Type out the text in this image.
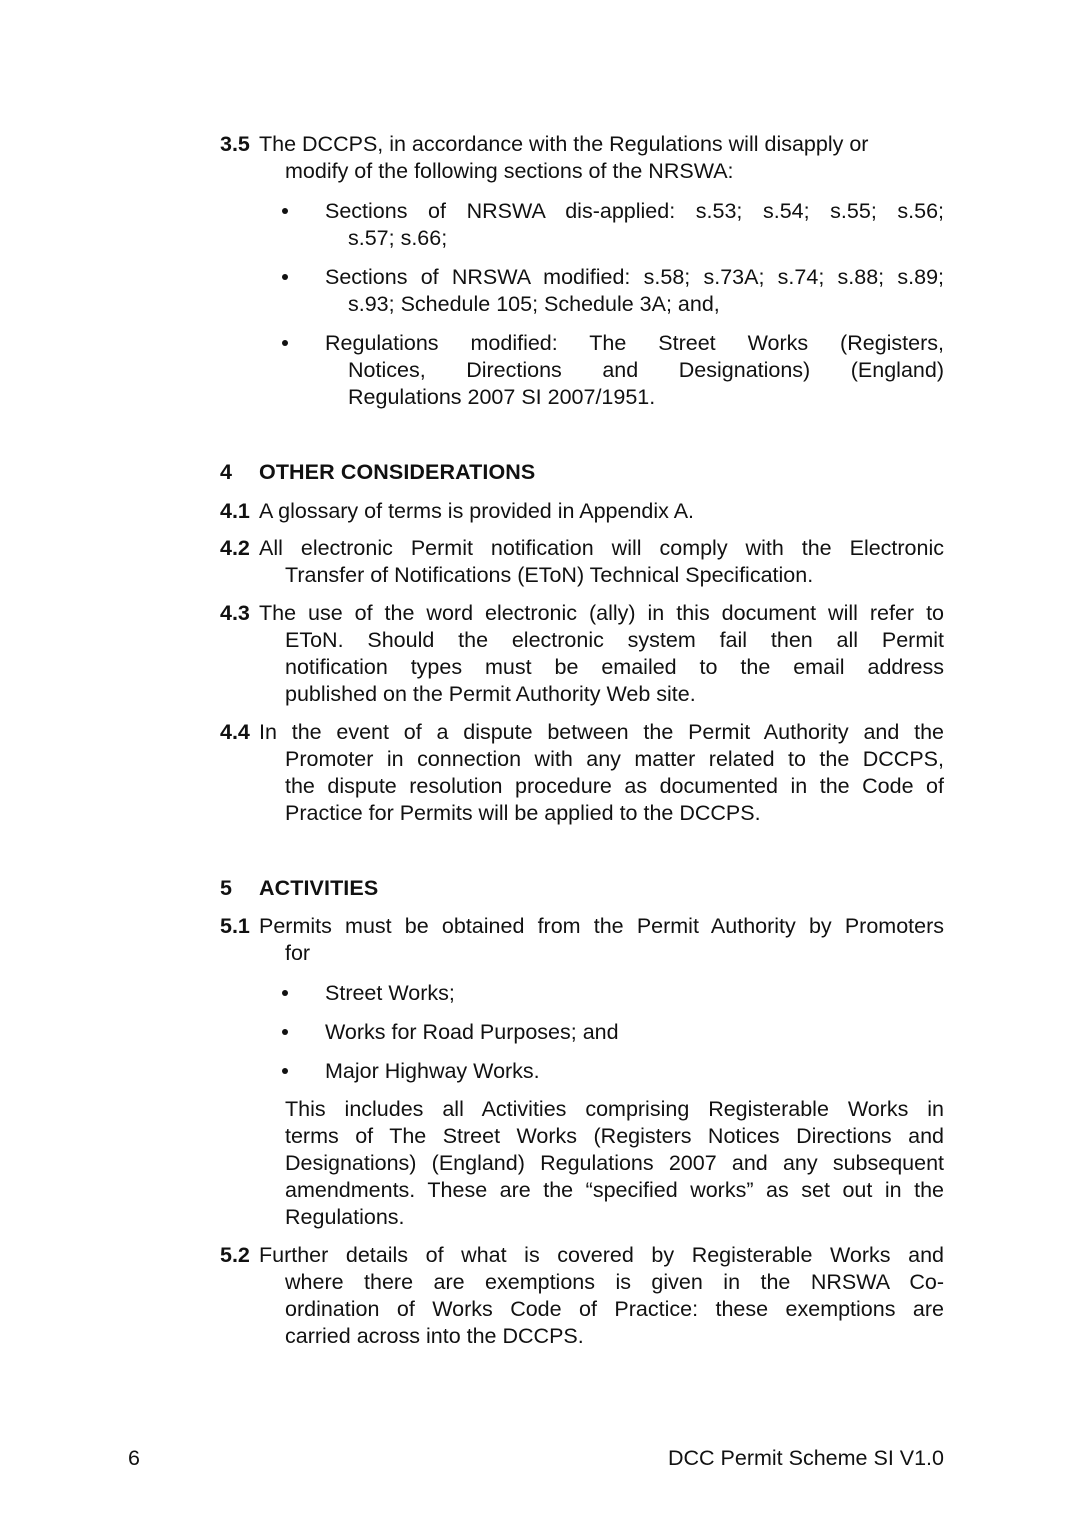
3.5 The DCCPS, in accordance with the Regulations will disapply or
modify of the following sections of the NRSWA:
Sections of NRSWA dis-applied: s.53; s.54; s.55; s.56;
s.57; s.66;
Sections of NRSWA modified: s.58; s.73A; s.74; s.88; s.89;
s.93; Schedule 105; Schedule 3A; and,
Regulations modified: The Street Works (Registers,
Notices, Directions and Designations) (England)
Regulations 2007 SI 2007/1951.
4 OTHER CONSIDERATIONS
4.1 A glossary of terms is provided in Appendix A.
4.2 All electronic Permit notification will comply with the Electronic
Transfer of Notifications (EToN) Technical Specification.
4.3 The use of the word electronic (ally) in this document will refer to
EToN. Should the electronic system fail then all Permit
notification types must be emailed to the email address
published on the Permit Authority Web site.
4.4 In the event of a dispute between the Permit Authority and the
Promoter in connection with any matter related to the DCCPS,
the dispute resolution procedure as documented in the Code of
Practice for Permits will be applied to the DCCPS.
5 ACTIVITIES
5.1 Permits must be obtained from the Permit Authority by Promoters
for
Street Works;
Works for Road Purposes; and
Major Highway Works.
This includes all Activities comprising Registerable Works in
terms of The Street Works (Registers Notices Directions and
Designations) (England) Regulations 2007 and any subsequent
amendments. These are the “specified works” as set out in the
Regulations.
5.2 Further details of what is covered by Registerable Works and
where there are exemptions is given in the NRSWA Co-
ordination of Works Code of Practice: these exemptions are
carried across into the DCCPS.
6	DCC Permit Scheme SI V1.0
